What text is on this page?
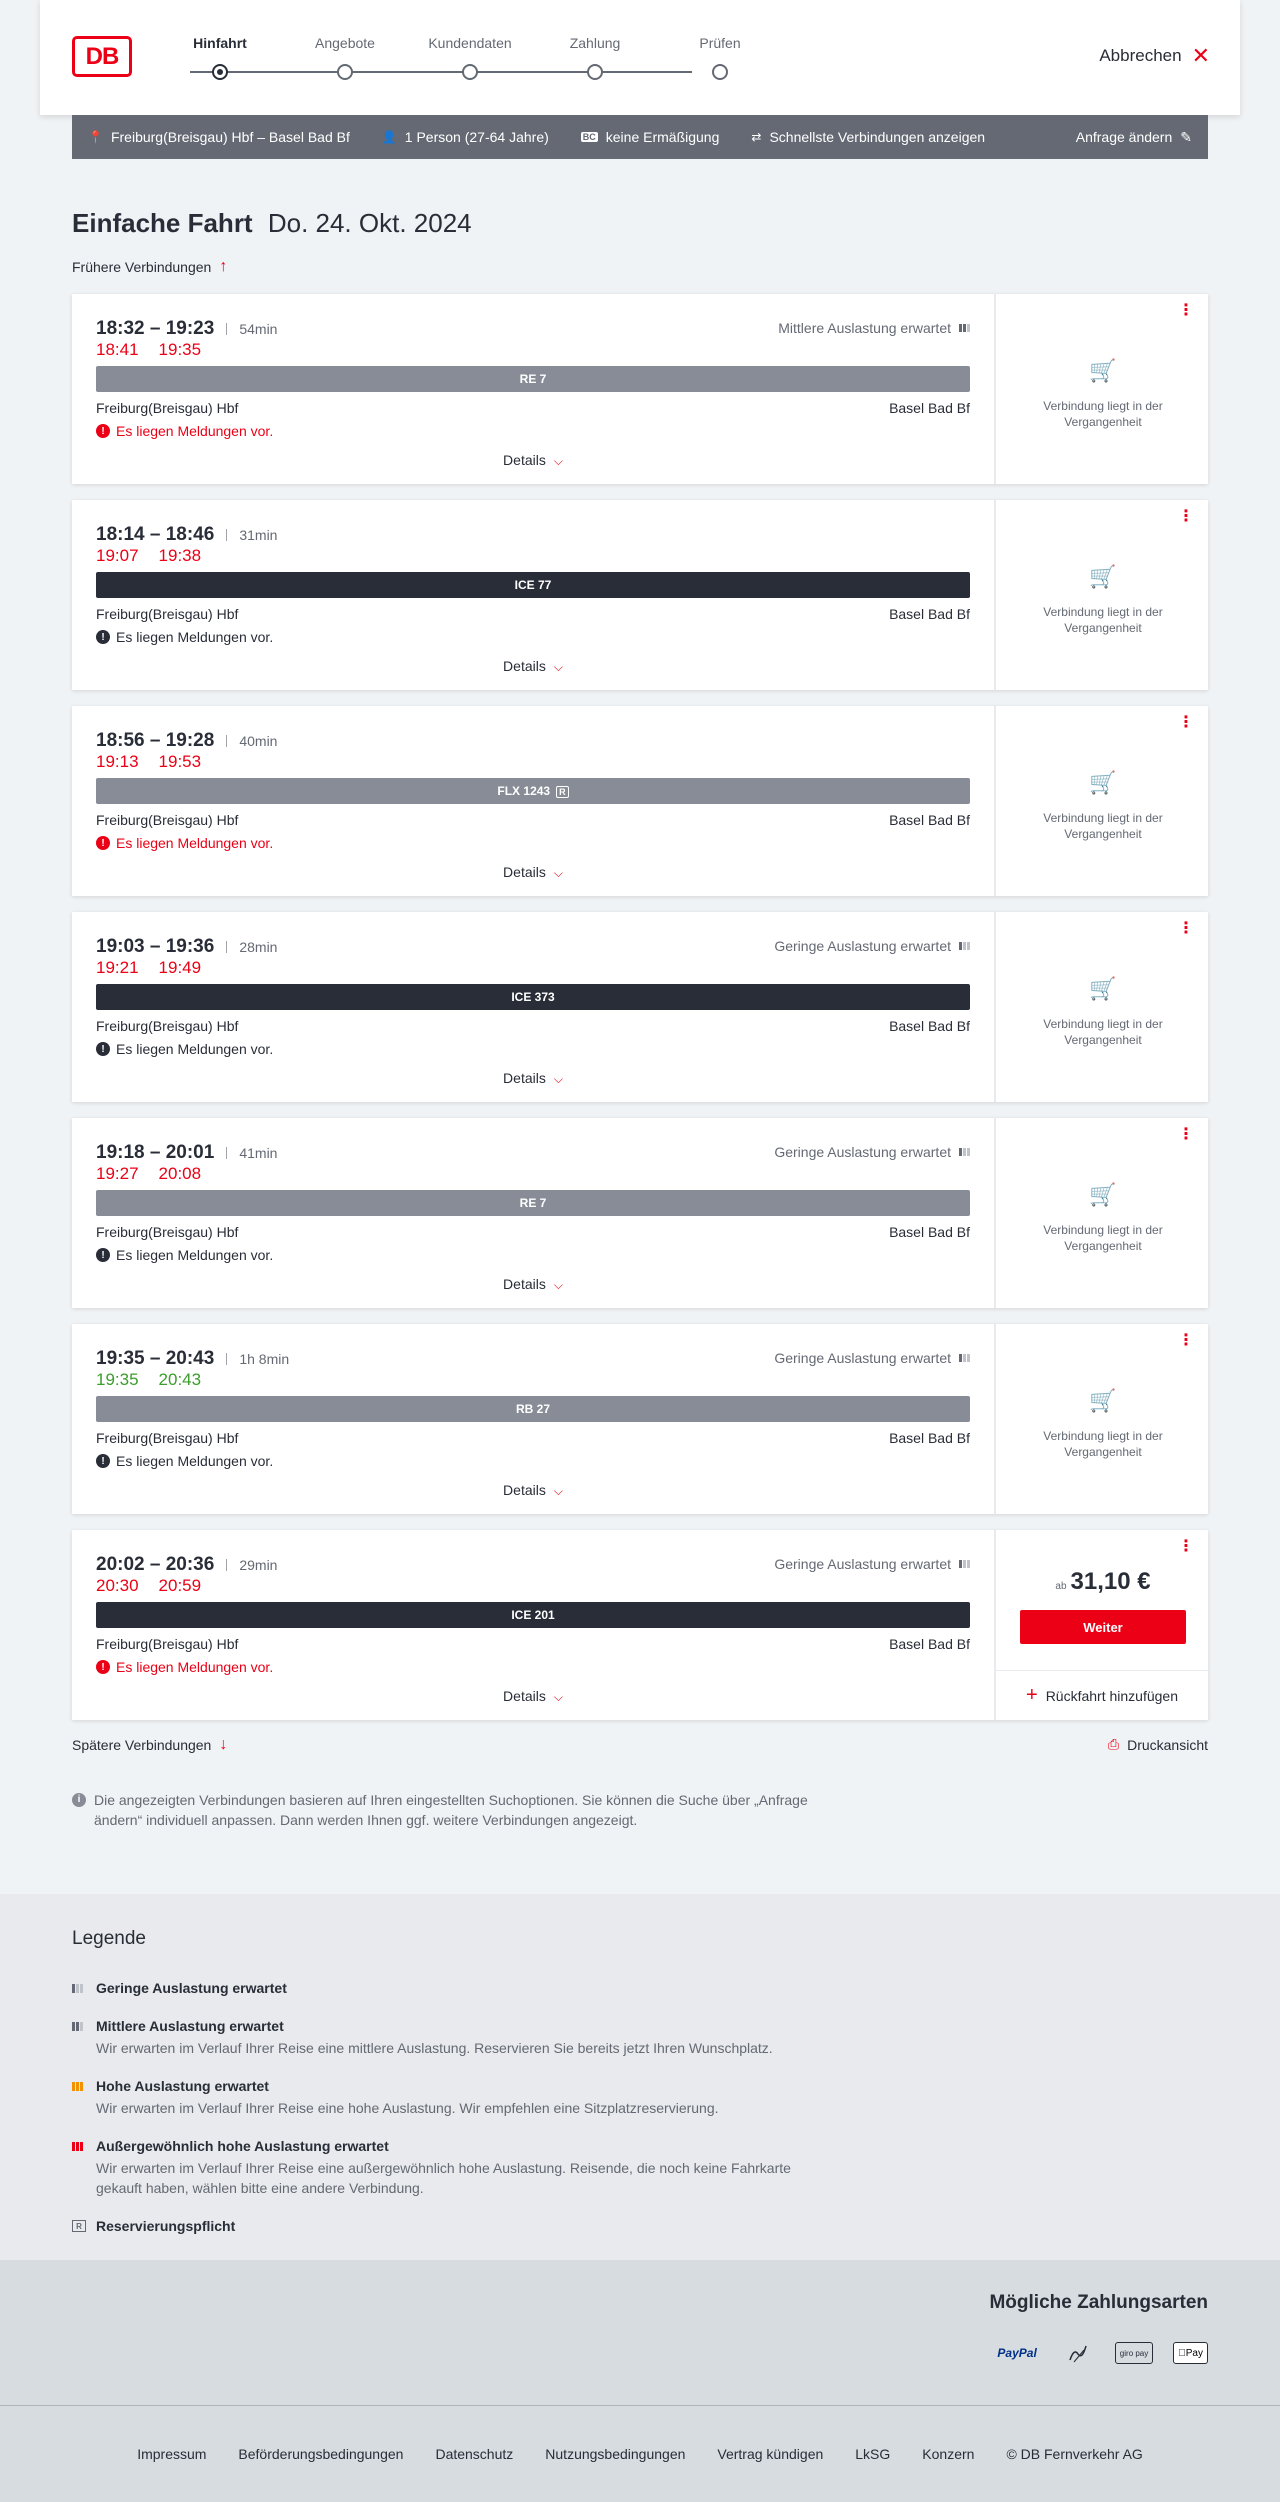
DB	Hinfahrt	Angebote	Kundendaten	Zahlung	Prüfen
Abbrechen ✕
📍 Freiburg(Breisgau) Hbf – Basel Bad Bf	👤 1 Person (27-64 Jahre)	BC keine Ermäßigung	⇄ Schnellste Verbindungen anzeigen	Anfrage ändern ✎
Einfache Fahrt Do. 24. Okt. 2024
Frühere Verbindungen ↑
18:32 – 19:23	54min
18:41 19:35
Mittlere Auslastung erwartet
RE 7
Freiburg(Breisgau) Hbf	Basel Bad Bf
! Es liegen Meldungen vor.
Details ⌵
⋮
🛒
Verbindung liegt in der Vergangenheit
18:14 – 18:46	31min
19:07 19:38
ICE 77
Freiburg(Breisgau) Hbf	Basel Bad Bf
! Es liegen Meldungen vor.
Details ⌵
⋮
🛒
Verbindung liegt in der Vergangenheit
18:56 – 19:28	40min
19:13 19:53
FLX 1243 R
Freiburg(Breisgau) Hbf	Basel Bad Bf
! Es liegen Meldungen vor.
Details ⌵
⋮
🛒
Verbindung liegt in der Vergangenheit
19:03 – 19:36	28min
19:21 19:49
Geringe Auslastung erwartet
ICE 373
Freiburg(Breisgau) Hbf	Basel Bad Bf
! Es liegen Meldungen vor.
Details ⌵
⋮
🛒
Verbindung liegt in der Vergangenheit
19:18 – 20:01	41min
19:27 20:08
Geringe Auslastung erwartet
RE 7
Freiburg(Breisgau) Hbf	Basel Bad Bf
! Es liegen Meldungen vor.
Details ⌵
⋮
🛒
Verbindung liegt in der Vergangenheit
19:35 – 20:43	1h 8min
19:35 20:43
Geringe Auslastung erwartet
RB 27
Freiburg(Breisgau) Hbf	Basel Bad Bf
! Es liegen Meldungen vor.
Details ⌵
⋮
🛒
Verbindung liegt in der Vergangenheit
20:02 – 20:36	29min
20:30 20:59
Geringe Auslastung erwartet
ICE 201
Freiburg(Breisgau) Hbf	Basel Bad Bf
! Es liegen Meldungen vor.
Details ⌵
⋮
ab 31,10 €
Weiter
+ Rückfahrt hinzufügen
Spätere Verbindungen ↓	⎙ Druckansicht
i Die angezeigten Verbindungen basieren auf Ihren eingestellten Suchoptionen. Sie können die Suche über „Anfrage ändern“ individuell anpassen. Dann werden Ihnen ggf. weitere Verbindungen angezeigt.
Legende
Geringe Auslastung erwartet
Mittlere Auslastung erwartet
Wir erwarten im Verlauf Ihrer Reise eine mittlere Auslastung. Reservieren Sie bereits jetzt Ihren Wunschplatz.
Hohe Auslastung erwartet
Wir erwarten im Verlauf Ihrer Reise eine hohe Auslastung. Wir empfehlen eine Sitzplatzreservierung.
Außergewöhnlich hohe Auslastung erwartet
Wir erwarten im Verlauf Ihrer Reise eine außergewöhnlich hohe Auslastung. Reisende, die noch keine Fahrkarte gekauft haben, wählen bitte eine andere Verbindung.
R Reservierungspflicht
Mögliche Zahlungsarten
PayPal	giro pay	Pay
Impressum Beförderungsbedingungen Datenschutz Nutzungsbedingungen Vertrag kündigen LkSG Konzern © DB Fernverkehr AG
